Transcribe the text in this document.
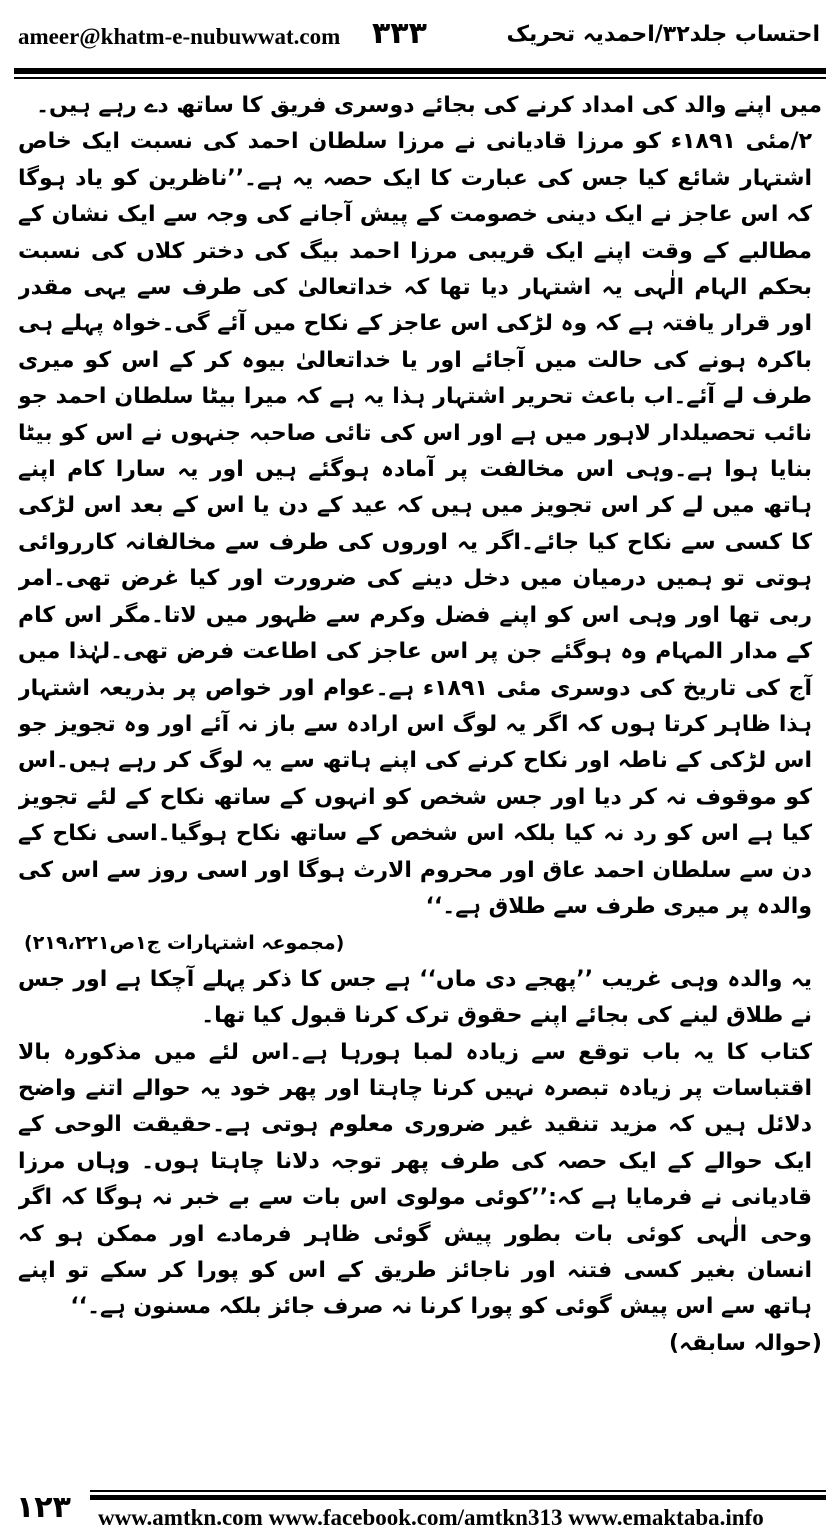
ameer@khatm-e-nubuwwat.com ۳۳۳	احتساب جلد۳۲/احمدیہ تحریک

میں اپنے والد کی امداد کرنے کی بجائے دوسری فریق کا ساتھ دے رہے ہیں۔

۲/مئی ۱۸۹۱ء کو مرزا قادیانی نے مرزا سلطان احمد کی نسبت ایک خاص اشتہار شائع کیا جس کی عبارت کا ایک حصہ یہ ہے۔’’ناظرین کو یاد ہوگا کہ اس عاجز نے ایک دینی خصومت کے پیش آجانے کی وجہ سے ایک نشان کے مطالبے کے وقت اپنے ایک قریبی مرزا احمد بیگ کی دختر کلاں کی نسبت بحکم الہام الٰہی یہ اشتہار دیا تھا کہ خداتعالیٰ کی طرف سے یہی مقدر اور قرار یافتہ ہے کہ وہ لڑکی اس عاجز کے نکاح میں آئے گی۔خواہ پہلے ہی باکرہ ہونے کی حالت میں آجائے اور یا خداتعالیٰ بیوہ کر کے اس کو میری طرف لے آئے۔اب باعث تحریر اشتہار ہذا یہ ہے کہ میرا بیٹا سلطان احمد جو نائب تحصیلدار لاہور میں ہے اور اس کی تائی صاحبہ جنہوں نے اس کو بیٹا بنایا ہوا ہے۔وہی اس مخالفت پر آمادہ ہوگئے ہیں اور یہ سارا کام اپنے ہاتھ میں لے کر اس تجویز میں ہیں کہ عید کے دن یا اس کے بعد اس لڑکی کا کسی سے نکاح کیا جائے۔اگر یہ اوروں کی طرف سے مخالفانہ کارروائی ہوتی تو ہمیں درمیان میں دخل دینے کی ضرورت اور کیا غرض تھی۔امر ربی تھا اور وہی اس کو اپنے فضل وکرم سے ظہور میں لاتا۔مگر اس کام کے مدار المہام وہ ہوگئے جن پر اس عاجز کی اطاعت فرض تھی۔لہٰذا میں آج کی تاریخ کی دوسری مئی ۱۸۹۱ء ہے۔عوام اور خواص پر بذریعہ اشتہار ہذا ظاہر کرتا ہوں کہ اگر یہ لوگ اس ارادہ سے باز نہ آئے اور وہ تجویز جو اس لڑکی کے ناطہ اور نکاح کرنے کی اپنے ہاتھ سے یہ لوگ کر رہے ہیں۔اس کو موقوف نہ کر دیا اور جس شخص کو انہوں کے ساتھ نکاح کے لئے تجویز کیا ہے اس کو رد نہ کیا بلکہ اس شخص کے ساتھ نکاح ہوگیا۔اسی نکاح کے دن سے سلطان احمد عاق اور محروم الارث ہوگا اور اسی روز سے اس کی والدہ پر میری طرف سے طلاق ہے۔‘‘

(مجموعہ اشتہارات ج۱ص۲۱۹،۲۲۱)

یہ والدہ وہی غریب ’’پھجے دی ماں‘‘ ہے جس کا ذکر پہلے آچکا ہے اور جس نے طلاق لینے کی بجائے اپنے حقوق ترک کرنا قبول کیا تھا۔

کتاب کا یہ باب توقع سے زیادہ لمبا ہورہا ہے۔اس لئے میں مذکورہ بالا اقتباسات پر زیادہ تبصرہ نہیں کرنا چاہتا اور پھر خود یہ حوالے اتنے واضح دلائل ہیں کہ مزید تنقید غیر ضروری معلوم ہوتی ہے۔حقیقت الوحی کے ایک حوالے کے ایک حصہ کی طرف پھر توجہ دلانا چاہتا ہوں۔ وہاں مرزا قادیانی نے فرمایا ہے کہ:’’کوئی مولوی اس بات سے بے خبر نہ ہوگا کہ اگر وحی الٰہی کوئی بات بطور پیش گوئی ظاہر فرمادے اور ممکن ہو کہ انسان بغیر کسی فتنہ اور ناجائز طریق کے اس کو پورا کر سکے تو اپنے ہاتھ سے اس پیش گوئی کو پورا کرنا نہ صرف جائز بلکہ مسنون ہے۔‘‘

(حوالہ سابقہ)

۱۲۳ www.amtkn.com www.facebook.com/amtkn313 www.emaktaba.info
